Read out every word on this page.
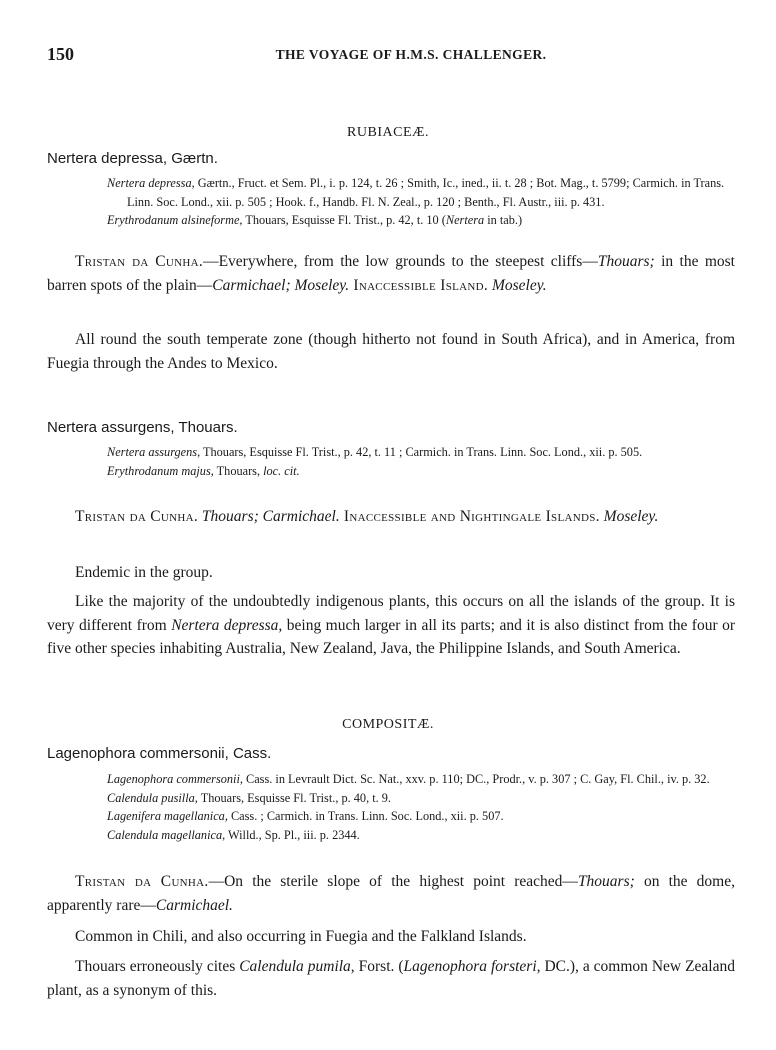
150	THE VOYAGE OF H.M.S. CHALLENGER.
RUBIACEÆ.
Nertera depressa, Gærtn.
Nertera depressa, Gærtn., Fruct. et Sem. Pl., i. p. 124, t. 26 ; Smith, Ic., ined., ii. t. 28 ; Bot. Mag., t. 5799; Carmich. in Trans. Linn. Soc. Lond., xii. p. 505 ; Hook. f., Handb. Fl. N. Zeal., p. 120 ; Benth., Fl. Austr., iii. p. 431.
Erythrodanum alsineforme, Thouars, Esquisse Fl. Trist., p. 42, t. 10 (Nertera in tab.)
Tristan da Cunha.—Everywhere, from the low grounds to the steepest cliffs—Thouars; in the most barren spots of the plain—Carmichael; Moseley. Inaccessible Island. Moseley.
All round the south temperate zone (though hitherto not found in South Africa), and in America, from Fuegia through the Andes to Mexico.
Nertera assurgens, Thouars.
Nertera assurgens, Thouars, Esquisse Fl. Trist., p. 42, t. 11 ; Carmich. in Trans. Linn. Soc. Lond., xii. p. 505.
Erythrodanum majus, Thouars, loc. cit.
Tristan da Cunha. Thouars; Carmichael. Inaccessible and Nightingale Islands. Moseley.
Endemic in the group.
Like the majority of the undoubtedly indigenous plants, this occurs on all the islands of the group. It is very different from Nertera depressa, being much larger in all its parts; and it is also distinct from the four or five other species inhabiting Australia, New Zealand, Java, the Philippine Islands, and South America.
COMPOSITÆ.
Lagenophora commersonii, Cass.
Lagenophora commersonii, Cass. in Levrault Dict. Sc. Nat., xxv. p. 110; DC., Prodr., v. p. 307 ; C. Gay, Fl. Chil., iv. p. 32.
Calendula pusilla, Thouars, Esquisse Fl. Trist., p. 40, t. 9.
Lagenifera magellanica, Cass. ; Carmich. in Trans. Linn. Soc. Lond., xii. p. 507.
Calendula magellanica, Willd., Sp. Pl., iii. p. 2344.
Tristan da Cunha.—On the sterile slope of the highest point reached—Thouars; on the dome, apparently rare—Carmichael.
Common in Chili, and also occurring in Fuegia and the Falkland Islands.
Thouars erroneously cites Calendula pumila, Forst. (Lagenophora forsteri, DC.), a common New Zealand plant, as a synonym of this.
